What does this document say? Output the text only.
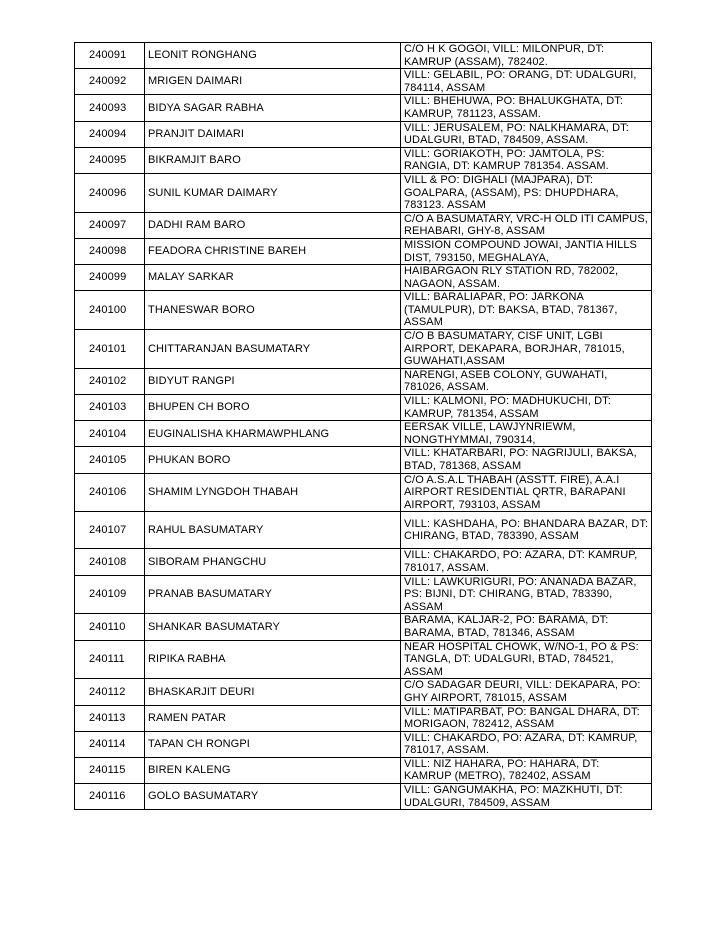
240091	LEONIT RONGHANG	C/O H K GOGOI, VILL: MILONPUR, DT: KAMRUP (ASSAM), 782402.
240092	MRIGEN DAIMARI	VILL: GELABIL, PO: ORANG, DT: UDALGURI, 784114, ASSAM
240093	BIDYA SAGAR RABHA	VILL: BHEHUWA, PO: BHALUKGHATA, DT: KAMRUP, 781123, ASSAM.
240094	PRANJIT DAIMARI	VILL: JERUSALEM, PO: NALKHAMARA, DT: UDALGURI, BTAD, 784509, ASSAM.
240095	BIKRAMJIT BARO	VILL: GORIAKOTH, PO: JAMTOLA, PS: RANGIA, DT: KAMRUP 781354. ASSAM.
240096	SUNIL KUMAR DAIMARY	VILL & PO: DIGHALI (MAJPARA), DT: GOALPARA, (ASSAM), PS: DHUPDHARA, 783123. ASSAM
240097	DADHI RAM BARO	C/O A BASUMATARY, VRC-H OLD ITI CAMPUS, REHABARI, GHY-8, ASSAM
240098	FEADORA CHRISTINE BAREH	MISSION COMPOUND JOWAI, JANTIA HILLS DIST, 793150, MEGHALAYA,
240099	MALAY SARKAR	HAIBARGAON RLY STATION RD, 782002, NAGAON, ASSAM.
240100	THANESWAR BORO	VILL: BARALIAPAR, PO: JARKONA (TAMULPUR), DT: BAKSA, BTAD, 781367, ASSAM
240101	CHITTARANJAN BASUMATARY	C/O B BASUMATARY, CISF UNIT, LGBI AIRPORT, DEKAPARA, BORJHAR, 781015, GUWAHATI,ASSAM
240102	BIDYUT RANGPI	NARENGI, ASEB COLONY, GUWAHATI, 781026, ASSAM.
240103	BHUPEN CH BORO	VILL: KALMONI, PO: MADHUKUCHI, DT: KAMRUP, 781354, ASSAM
240104	EUGINALISHA KHARMAWPHLANG	EERSAK VILLE, LAWJYNRIEWM, NONGTHYMMAI, 790314,
240105	PHUKAN BORO	VILL: KHATARBARI, PO: NAGRIJULI, BAKSA, BTAD, 781368, ASSAM
240106	SHAMIM LYNGDOH THABAH	C/O A.S.A.L THABAH (ASSTT. FIRE), A.A.I AIRPORT RESIDENTIAL QRTR, BARAPANI AIRPORT, 793103, ASSAM
240107	RAHUL BASUMATARY	VILL: KASHDAHA, PO: BHANDARA BAZAR, DT: CHIRANG, BTAD, 783390, ASSAM
240108	SIBORAM PHANGCHU	VILL: CHAKARDO, PO: AZARA, DT: KAMRUP, 781017, ASSAM.
240109	PRANAB BASUMATARY	VILL: LAWKURIGURI, PO: ANANADA BAZAR, PS: BIJNI, DT: CHIRANG, BTAD, 783390, ASSAM
240110	SHANKAR BASUMATARY	BARAMA, KALJAR-2, PO: BARAMA, DT: BARAMA, BTAD, 781346, ASSAM
240111	RIPIKA RABHA	NEAR HOSPITAL CHOWK, W/NO-1, PO & PS: TANGLA, DT: UDALGURI, BTAD, 784521, ASSAM
240112	BHASKARJIT DEURI	C/O SADAGAR DEURI, VILL: DEKAPARA, PO: GHY AIRPORT, 781015, ASSAM
240113	RAMEN PATAR	VILL: MATIPARBAT, PO: BANGAL DHARA, DT: MORIGAON, 782412, ASSAM
240114	TAPAN CH RONGPI	VILL: CHAKARDO, PO: AZARA, DT: KAMRUP, 781017, ASSAM.
240115	BIREN KALENG	VILL: NIZ HAHARA, PO: HAHARA, DT: KAMRUP (METRO), 782402, ASSAM
240116	GOLO BASUMATARY	VILL: GANGUMAKHA, PO: MAZKHUTI, DT: UDALGURI, 784509, ASSAM
